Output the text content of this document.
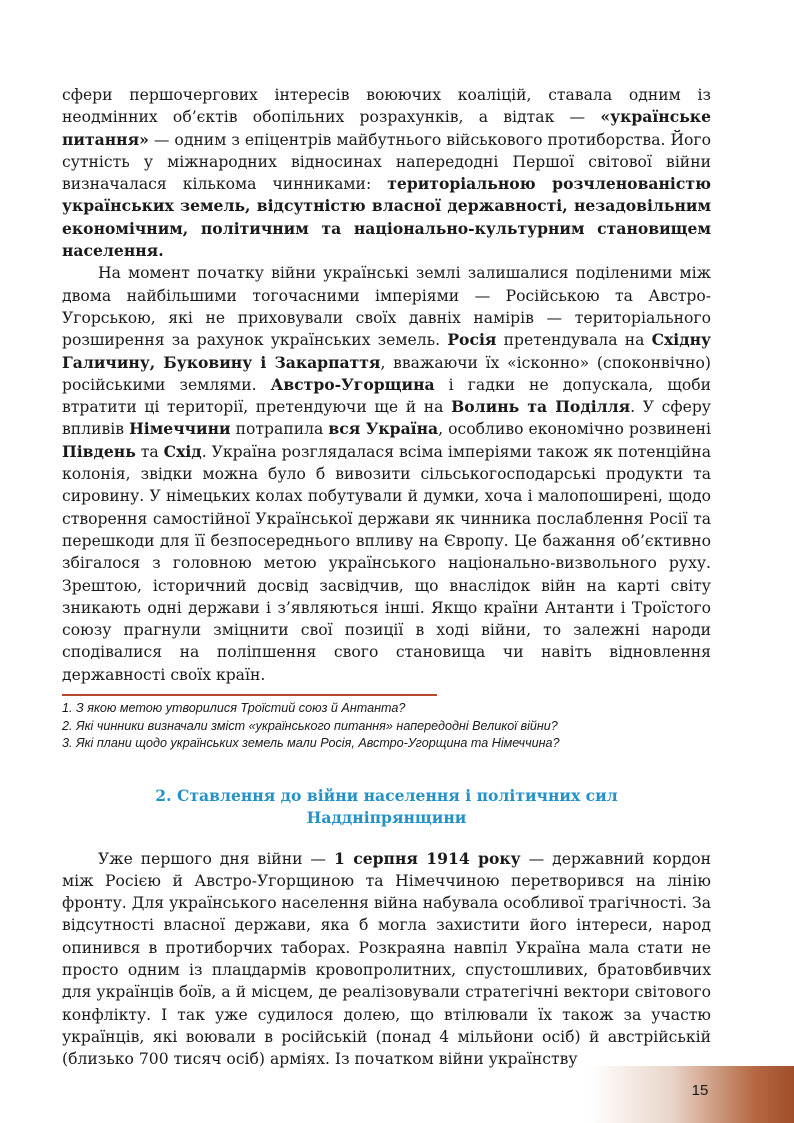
сфери першочергових інтересів воюючих коаліцій, ставала одним із неодмінних об’єктів обопільних розрахунків, а відтак — «українське питання» — одним з епіцентрів майбутнього військового протиборства. Його сутність у міжнародних відносинах напередодні Першої світової війни визначалася кількома чинниками: територіальною розчленованістю українських земель, відсутністю власної державності, незадовільним економічним, політичним та національно-культурним становищем населення.

На момент початку війни українські землі залишалися поділеними між двома найбільшими тогочасними імперіями — Російською та Австро-Угорською, які не приховували своїх давніх намірів — територіального розширення за рахунок українських земель. Росія претендувала на Східну Галичину, Буковину і Закарпаття, вважаючи їх «ісконно» (споконвічно) російськими землями. Австро-Угорщина і гадки не допускала, щоби втратити ці території, претендуючи ще й на Волинь та Поділля. У сферу впливів Німеччини потрапила вся Україна, особливо економічно розвинені Південь та Схід. Україна розглядалася всіма імперіями також як потенційна колонія, звідки можна було б вивозити сільськогосподарські продукти та сировину. У німецьких колах побутували й думки, хоча і малопоширені, щодо створення самостійної Української держави як чинника послаблення Росії та перешкоди для її безпосереднього впливу на Європу. Це бажання об’єктивно збігалося з головною метою українського національно-визвольного руху. Зрештою, історичний досвід засвідчив, що внаслідок війн на карті світу зникають одні держави і з’являються інші. Якщо країни Антанти і Троїстого союзу прагнули зміцнити свої позиції в ході війни, то залежні народи сподівалися на поліпшення свого становища чи навіть відновлення державності своїх країн.

1. З якою метою утворилися Троїстий союз й Антанта?
2. Які чинники визначали зміст «українського питання» напередодні Великої війни?
3. Які плани щодо українських земель мали Росія, Австро-Угорщина та Німеччина?
2. Ставлення до війни населення і політичних сил
Наддніпрянщини

Уже першого дня війни — 1 серпня 1914 року — державний кордон між Росією й Австро-Угорщиною та Німеччиною перетворився на лінію фронту. Для українського населення війна набувала особливої трагічності. За відсутності власної держави, яка б могла захистити його інтереси, народ опинився в протиборчих таборах. Розкраяна навпіл Україна мала стати не просто одним із плацдармів кровопролитних, спустошливих, братовбивчих для українців боїв, а й місцем, де реалізовували стратегічні вектори світового конфлікту. І так уже судилося долею, що втілювали їх також за участю українців, які воювали в російській (понад 4 мільйони осіб) й австрійській (близько 700 тисяч осіб) арміях. Із початком війни українству

15
